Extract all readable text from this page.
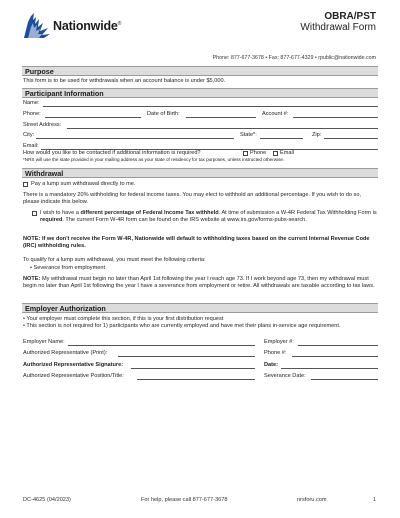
Nationwide®
OBRA/PST
Withdrawal Form
Phone: 877-677-3678 • Fax: 877-677-4329 • rpublic@nationwide.com
Purpose
This form is to be used for withdrawals when an account balance is under $5,000.
Participant Information
Name:
Phone:	Date of Birth:	Account #:
Street Address:
City:	State*:	Zip:
Email:
How would you like to be contacted if additional information is required?	Phone Email
*NRS will use the state provided in your mailing address as your state of residency for tax purposes, unless instructed otherwise.
Withdrawal
Pay a lump sum withdrawal directly to me.
There is a mandatory 20% withholding for federal income taxes. You may elect to withhold an additional percentage. If you wish to do so, please indicate this below.
I wish to have a different percentage of Federal Income Tax withheld. At time of submission a W-4R Federal Tax Withholding Form is required. The current Form W-4R form can be found on the IRS website at www.irs.gov/forms-pubs-search.
NOTE: If we don't receive the Form W-4R, Nationwide will default to withholding taxes based on the current Internal Revenue Code (IRC) withholding rules.
To qualify for a lump sum withdrawal, you must meet the following criteria:
• Severance from employment
NOTE: My withdrawal must begin no later than April 1st following the year I reach age 73. If I work beyond age 73, then my withdrawal must begin no later than April 1st following the year I have a severance from employment or retire. All withdrawals are taxable according to tax laws.
Employer Authorization
• Your employer must complete this section, if this is your first distribution request
• This section is not required for 1) participants who are currently employed and have met their plans in-service age requirement.
Employer Name:	Employer #:
Authorized Representative (Print):	Phone #:
Authorized Representative Signature:	Date:
Authorized Representative Position/Title:	Severance Date:
DC-4625 (04/2023)	For help, please call 877-677-3678	nrsforu.com	1
